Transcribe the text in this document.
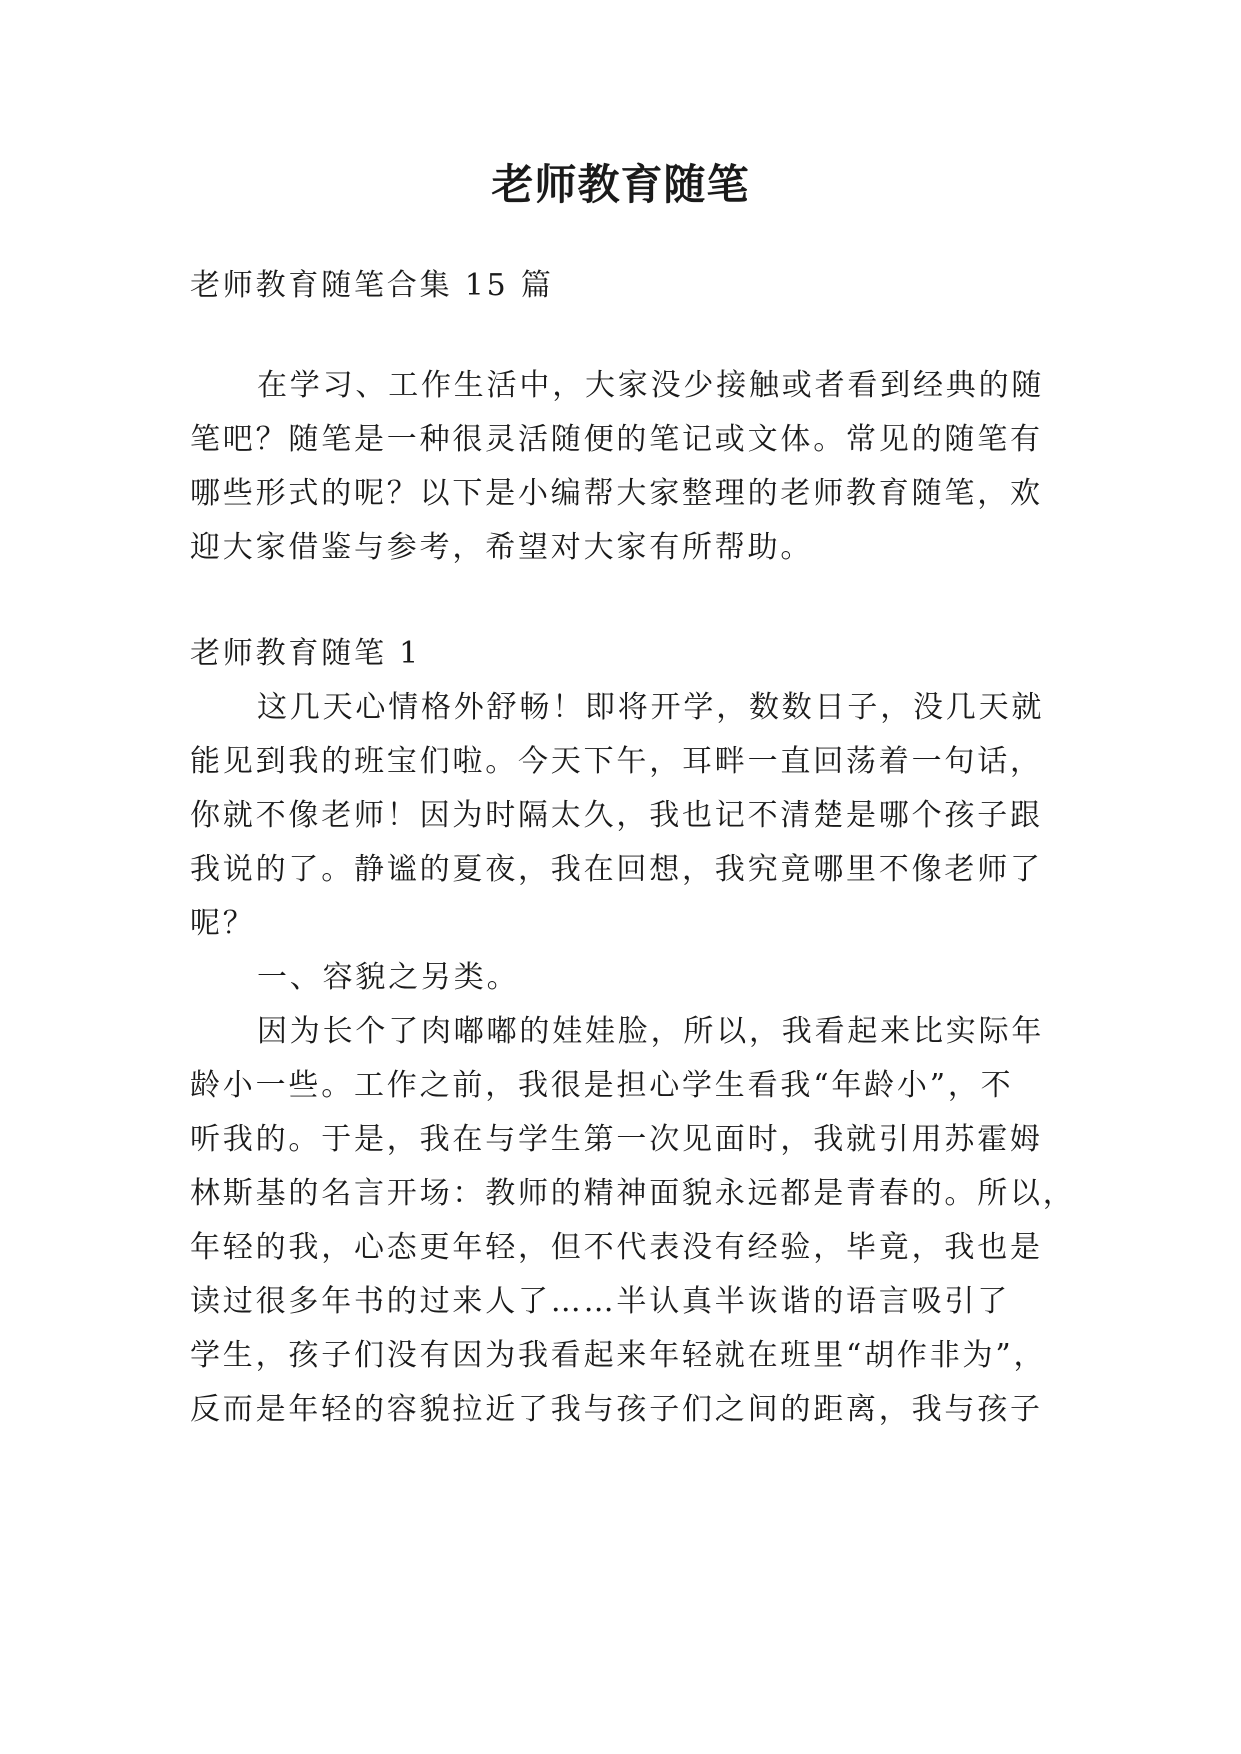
老师教育随笔
老师教育随笔合集 15 篇
在学习、工作生活中，大家没少接触或者看到经典的随
笔吧？随笔是一种很灵活随便的笔记或文体。常见的随笔有
哪些形式的呢？以下是小编帮大家整理的老师教育随笔，欢
迎大家借鉴与参考，希望对大家有所帮助。
老师教育随笔 1
这几天心情格外舒畅！即将开学，数数日子，没几天就
能见到我的班宝们啦。今天下午，耳畔一直回荡着一句话，
你就不像老师！因为时隔太久，我也记不清楚是哪个孩子跟
我说的了。静谧的夏夜，我在回想，我究竟哪里不像老师了
呢？
一、容貌之另类。
因为长个了肉嘟嘟的娃娃脸，所以，我看起来比实际年
龄小一些。工作之前，我很是担心学生看我“年龄小”，不
听我的。于是，我在与学生第一次见面时，我就引用苏霍姆
林斯基的名言开场：教师的精神面貌永远都是青春的。所以，
年轻的我，心态更年轻，但不代表没有经验，毕竟，我也是
读过很多年书的过来人了……半认真半诙谐的语言吸引了
学生，孩子们没有因为我看起来年轻就在班里“胡作非为”，
反而是年轻的容貌拉近了我与孩子们之间的距离，我与孩子
